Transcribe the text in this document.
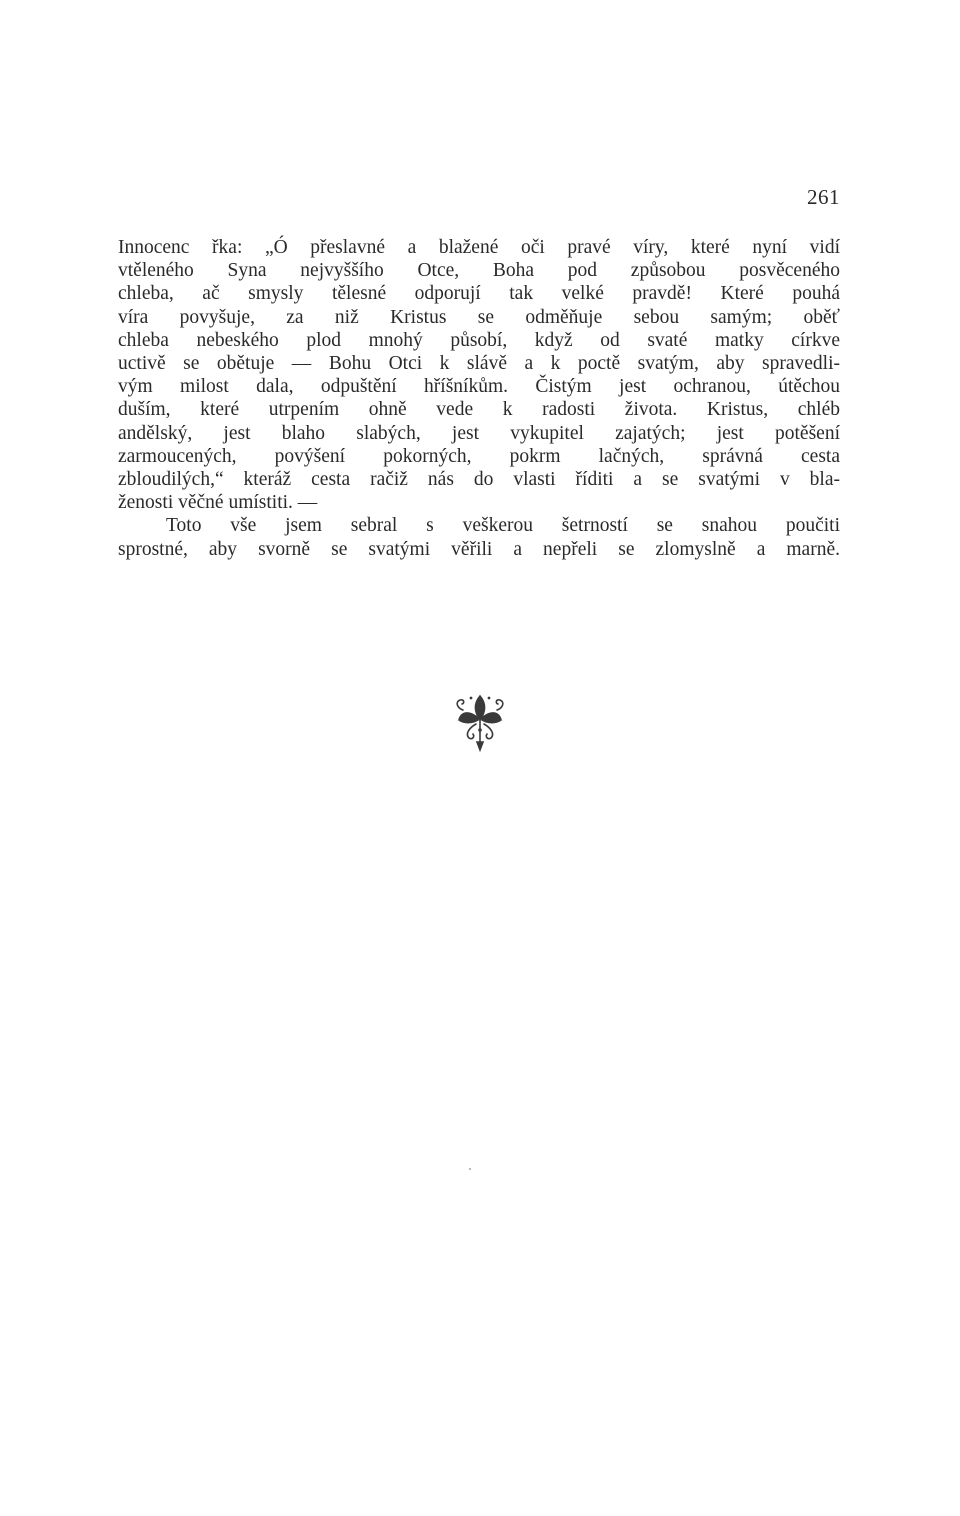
261
Innocenc řka: „Ó přeslavné a blažené oči pravé víry, které nyní vidí
vtěleného Syna nejvyššího Otce, Boha pod způsobou posvěceného
chleba, ač smysly tělesné odporují tak velké pravdě! Které pouhá
víra povyšuje, za niž Kristus se odměňuje sebou samým; oběť
chleba nebeského plod mnohý působí, když od svaté matky církve
uctivě se obětuje — Bohu Otci k slávě a k poctě svatým, aby spravedli-
vým milost dala, odpuštění hříšníkům. Čistým jest ochranou, útěchou
duším, které utrpením ohně vede k radosti života. Kristus, chléb
andělský, jest blaho slabých, jest vykupitel zajatých; jest potěšení
zarmoucených, povýšení pokorných, pokrm lačných, správná cesta
zbloudilých,“ kteráž cesta račiž nás do vlasti říditi a se svatými v bla-
ženosti věčné umístiti. —
Toto vše jsem sebral s veškerou šetrností se snahou poučiti
sprostné, aby svorně se svatými věřili a nepřeli se zlomyslně a marně.
